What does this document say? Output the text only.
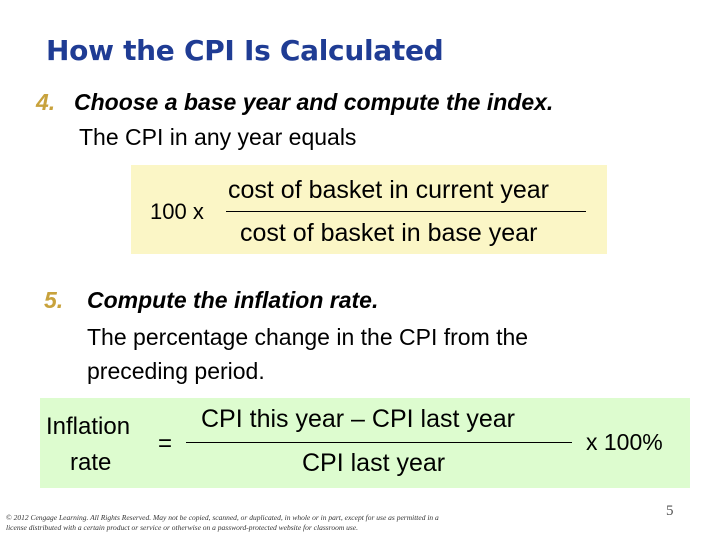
How the CPI Is Calculated
4. Choose a base year and compute the index.
The CPI in any year equals
100 x
cost of basket in current year
cost of basket in base year
5. Compute the inflation rate.
The percentage change in the CPI from the
preceding period.
Inflation
rate
=
CPI this year – CPI last year
CPI last year
x 100%
© 2012 Cengage Learning. All Rights Reserved. May not be copied, scanned, or duplicated, in whole or in part, except for use as permitted in a license distributed with a certain product or service or otherwise on a password-protected website for classroom use.
5
